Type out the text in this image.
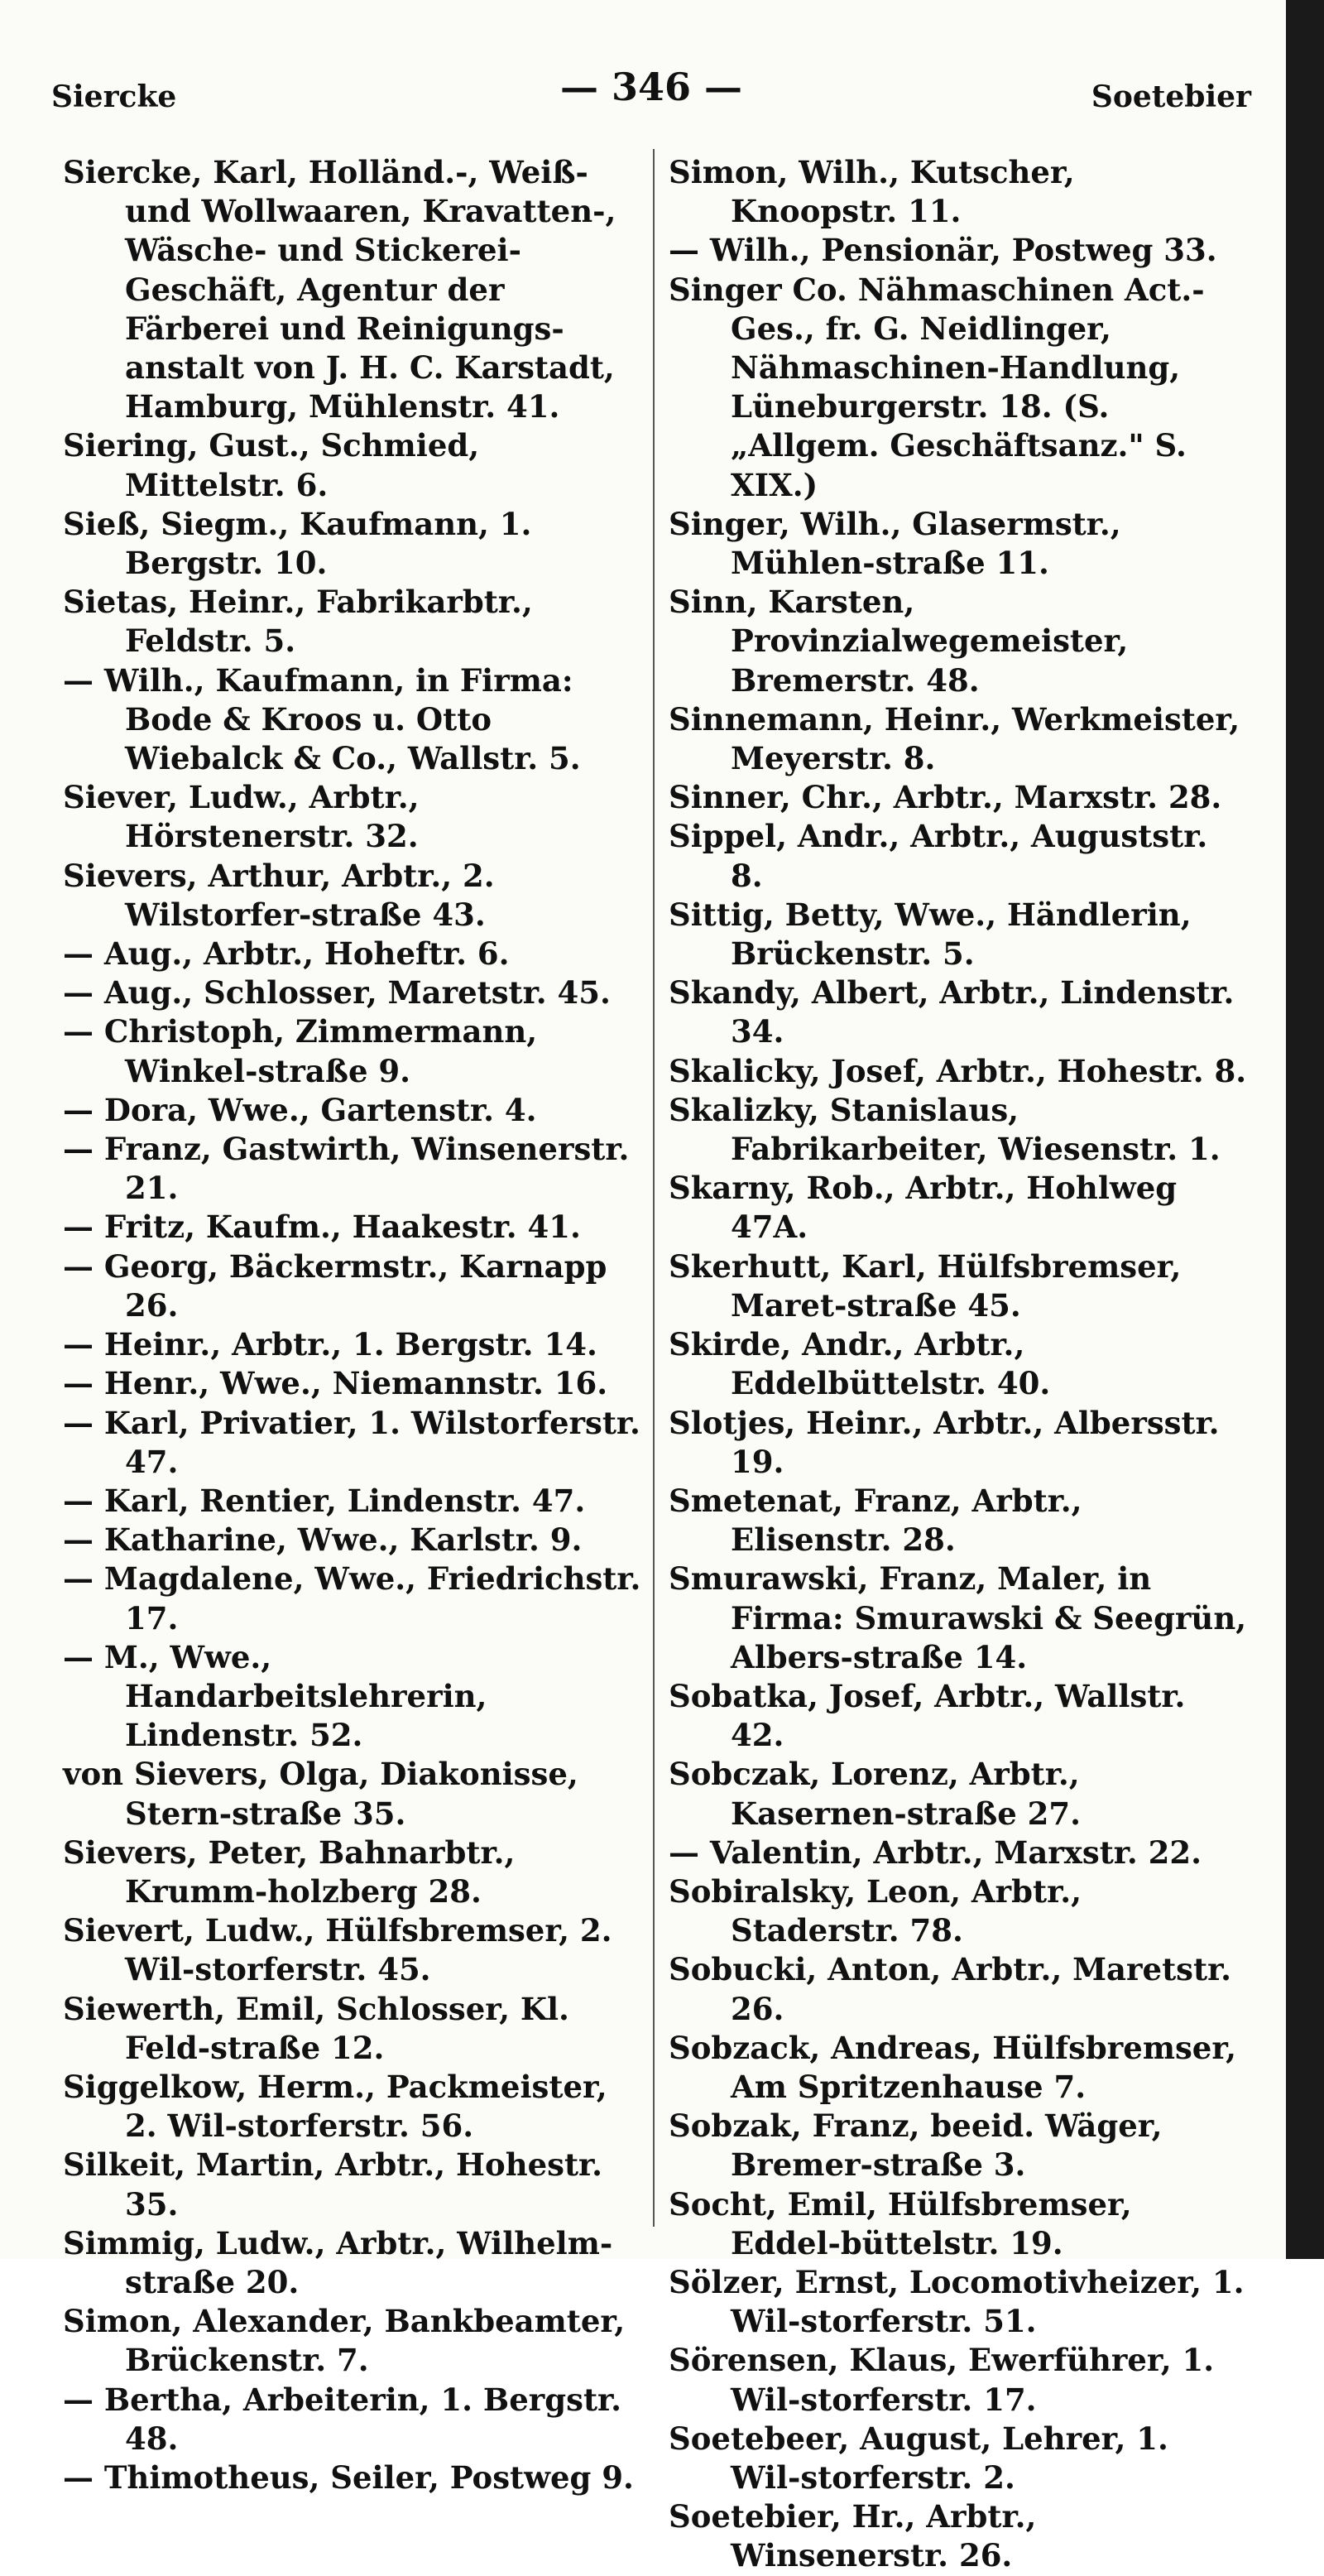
Siercke	— 346 —	Soetebier

Siercke, Karl, Holländ.-, Weiß- und Wollwaaren, Kravatten-, Wäsche- und Stickerei-Geschäft, Agentur der Färberei und Reinigungs-anstalt von J. H. C. Karstadt, Hamburg, Mühlenstr. 41.

Siering, Gust., Schmied, Mittelstr. 6.

Sieß, Siegm., Kaufmann, 1. Bergstr. 10.

Sietas, Heinr., Fabrikarbtr., Feldstr. 5.

— Wilh., Kaufmann, in Firma: Bode & Kroos u. Otto Wiebalck & Co., Wallstr. 5.

Siever, Ludw., Arbtr., Hörstenerstr. 32.

Sievers, Arthur, Arbtr., 2. Wilstorfer-straße 43.

— Aug., Arbtr., Hoheftr. 6.

— Aug., Schlosser, Maretstr. 45.

— Christoph, Zimmermann, Winkel-straße 9.

— Dora, Wwe., Gartenstr. 4.

— Franz, Gastwirth, Winsenerstr. 21.

— Fritz, Kaufm., Haakestr. 41.

— Georg, Bäckermstr., Karnapp 26.

— Heinr., Arbtr., 1. Bergstr. 14.

— Henr., Wwe., Niemannstr. 16.

— Karl, Privatier, 1. Wilstorferstr. 47.

— Karl, Rentier, Lindenstr. 47.

— Katharine, Wwe., Karlstr. 9.

— Magdalene, Wwe., Friedrichstr. 17.

— M., Wwe., Handarbeitslehrerin, Lindenstr. 52.

von Sievers, Olga, Diakonisse, Stern-straße 35.

Sievers, Peter, Bahnarbtr., Krumm-holzberg 28.

Sievert, Ludw., Hülfsbremser, 2. Wil-storferstr. 45.

Siewerth, Emil, Schlosser, Kl. Feld-straße 12.

Siggelkow, Herm., Packmeister, 2. Wil-storferstr. 56.

Silkeit, Martin, Arbtr., Hohestr. 35.

Simmig, Ludw., Arbtr., Wilhelm-straße 20.

Simon, Alexander, Bankbeamter, Brückenstr. 7.

— Bertha, Arbeiterin, 1. Bergstr. 48.

— Thimotheus, Seiler, Postweg 9.

Simon, Wilh., Kutscher, Knoopstr. 11.

— Wilh., Pensionär, Postweg 33.

Singer Co. Nähmaschinen Act.-Ges., fr. G. Neidlinger, Nähmaschinen-Handlung, Lüneburgerstr. 18. (S. „Allgem. Geschäftsanz." S. XIX.)

Singer, Wilh., Glasermstr., Mühlen-straße 11.

Sinn, Karsten, Provinzialwegemeister, Bremerstr. 48.

Sinnemann, Heinr., Werkmeister, Meyerstr. 8.

Sinner, Chr., Arbtr., Marxstr. 28.

Sippel, Andr., Arbtr., Auguststr. 8.

Sittig, Betty, Wwe., Händlerin, Brückenstr. 5.

Skandy, Albert, Arbtr., Lindenstr. 34.

Skalicky, Josef, Arbtr., Hohestr. 8.

Skalizky, Stanislaus, Fabrikarbeiter, Wiesenstr. 1.

Skarny, Rob., Arbtr., Hohlweg 47A.

Skerhutt, Karl, Hülfsbremser, Maret-straße 45.

Skirde, Andr., Arbtr., Eddelbüttelstr. 40.

Slotjes, Heinr., Arbtr., Albersstr. 19.

Smetenat, Franz, Arbtr., Elisenstr. 28.

Smurawski, Franz, Maler, in Firma: Smurawski & Seegrün, Albers-straße 14.

Sobatka, Josef, Arbtr., Wallstr. 42.

Sobczak, Lorenz, Arbtr., Kasernen-straße 27.

— Valentin, Arbtr., Marxstr. 22.

Sobiralsky, Leon, Arbtr., Staderstr. 78.

Sobucki, Anton, Arbtr., Maretstr. 26.

Sobzack, Andreas, Hülfsbremser, Am Spritzenhause 7.

Sobzak, Franz, beeid. Wäger, Bremer-straße 3.

Socht, Emil, Hülfsbremser, Eddel-büttelstr. 19.

Sölzer, Ernst, Locomotivheizer, 1. Wil-storferstr. 51.

Sörensen, Klaus, Ewerführer, 1. Wil-storferstr. 17.

Soetebeer, August, Lehrer, 1. Wil-storferstr. 2.

Soetebier, Hr., Arbtr., Winsenerstr. 26.
